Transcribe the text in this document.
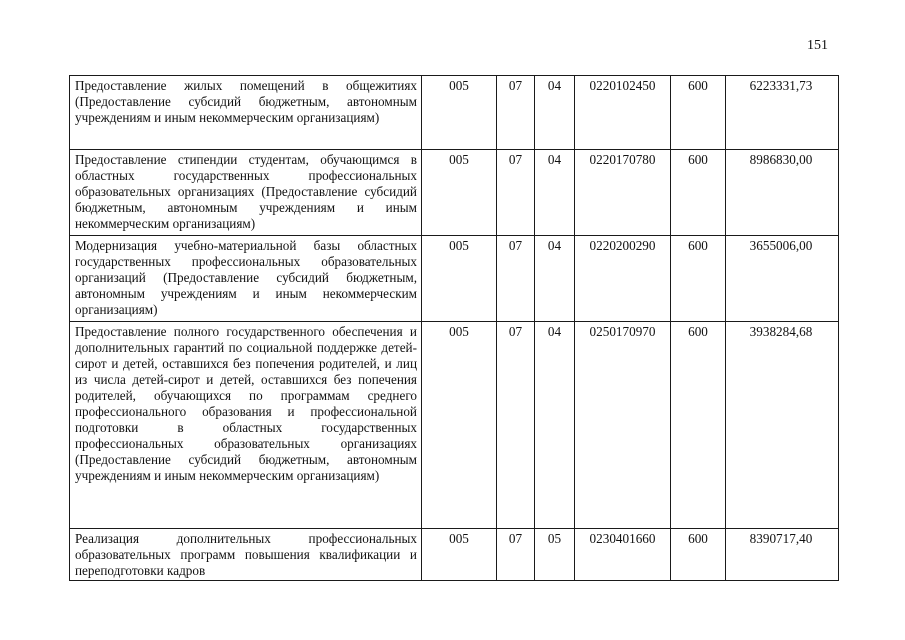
151
Предоставление жилых помещений в общежитиях (Предоставление субсидий бюджетным, автономным учреждениям и иным некоммерческим организациям)	005	07	04	0220102450	600	6223331,73
Предоставление стипендии студентам, обучающимся в областных государственных профессиональных образовательных организациях (Предоставление субсидий бюджетным, автономным учреждениям и иным некоммерческим организациям)	005	07	04	0220170780	600	8986830,00
Модернизация учебно-материальной базы областных государственных профессиональных образовательных организаций (Предоставление субсидий бюджетным, автономным учреждениям и иным некоммерческим организациям)	005	07	04	0220200290	600	3655006,00
Предоставление полного государственного обеспечения и дополнительных гарантий по социальной поддержке детей-сирот и детей, оставшихся без попечения родителей, и лиц из числа детей-сирот и детей, оставшихся без попечения родителей, обучающихся по программам среднего профессионального образования и профессиональной подготовки в областных государственных профессиональных образовательных организациях (Предоставление субсидий бюджетным, автономным учреждениям и иным некоммерческим организациям)	005	07	04	0250170970	600	3938284,68
Реализация дополнительных профессиональных образовательных программ повышения квалификации и переподготовки кадров	005	07	05	0230401660	600	8390717,40
